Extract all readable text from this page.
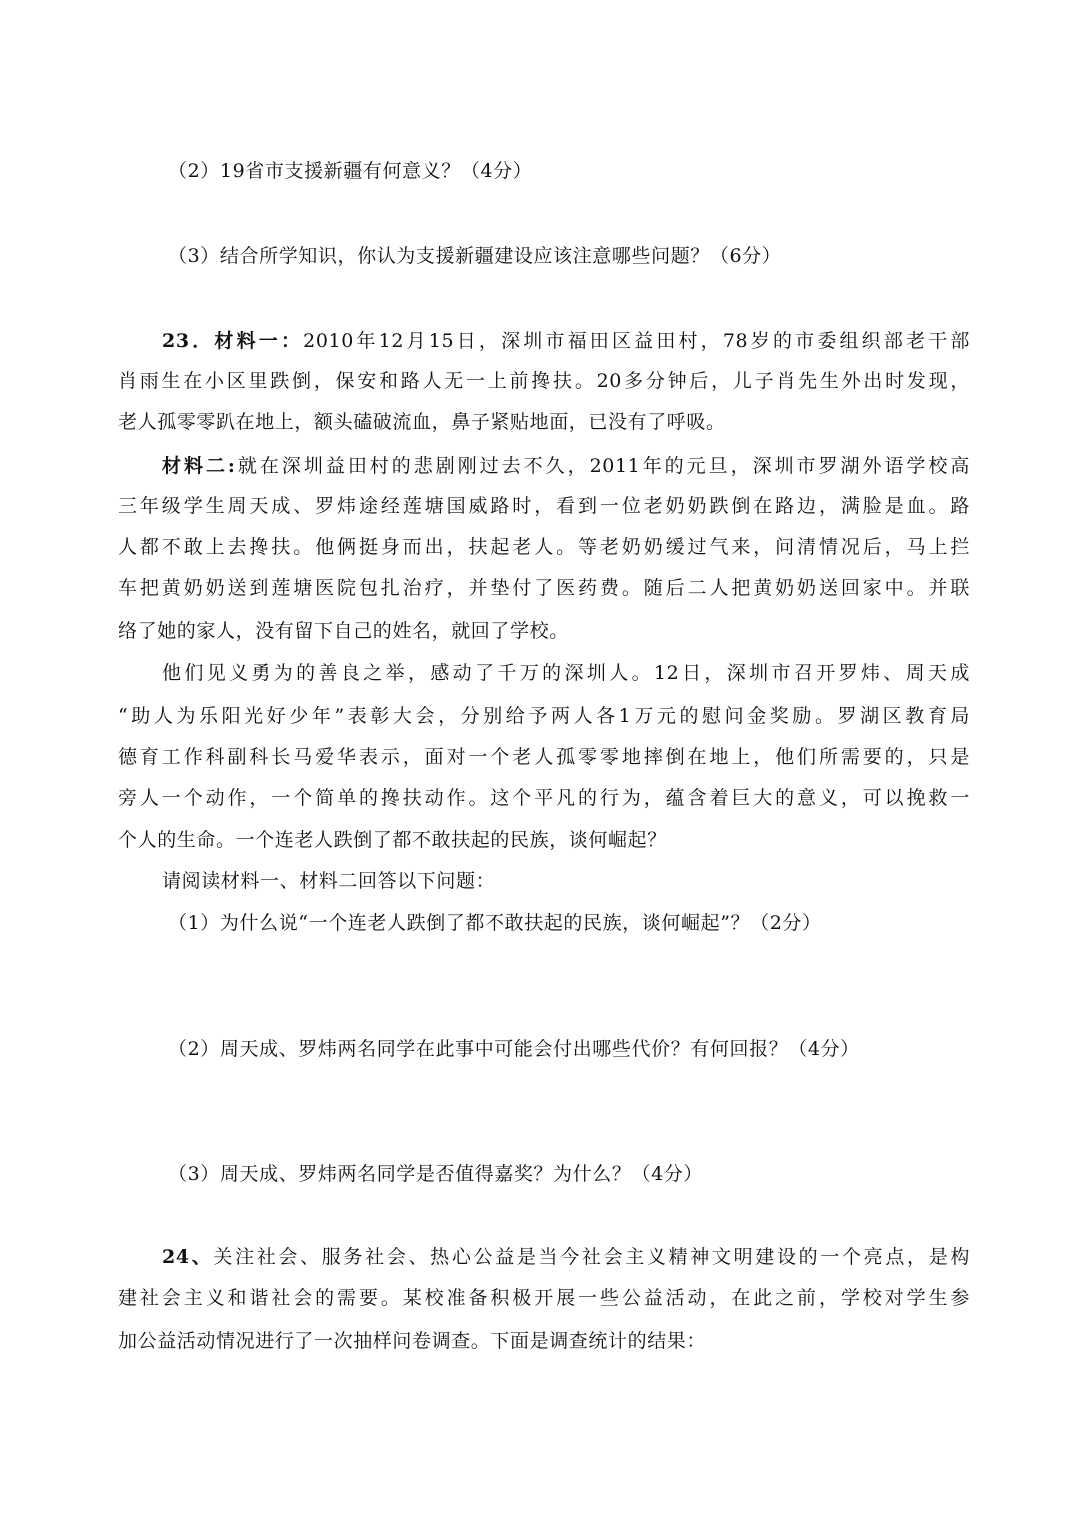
（2）19省市支援新疆有何意义？（4分）
（3）结合所学知识，你认为支援新疆建设应该注意哪些问题？（6分）
23．材料一：2010年12月15日，深圳市福田区益田村，78岁的市委组织部老干部
肖雨生在小区里跌倒，保安和路人无一上前搀扶。20多分钟后，儿子肖先生外出时发现，
老人孤零零趴在地上，额头磕破流血，鼻子紧贴地面，已没有了呼吸。
材料二:就在深圳益田村的悲剧刚过去不久，2011年的元旦，深圳市罗湖外语学校高
三年级学生周天成、罗炜途经莲塘国威路时，看到一位老奶奶跌倒在路边，满脸是血。路
人都不敢上去搀扶。他俩挺身而出，扶起老人。等老奶奶缓过气来，问清情况后，马上拦
车把黄奶奶送到莲塘医院包扎治疗，并垫付了医药费。随后二人把黄奶奶送回家中。并联
络了她的家人，没有留下自己的姓名，就回了学校。
他们见义勇为的善良之举，感动了千万的深圳人。12日，深圳市召开罗炜、周天成
“助人为乐阳光好少年”表彰大会，分别给予两人各1万元的慰问金奖励。罗湖区教育局
德育工作科副科长马爱华表示，面对一个老人孤零零地摔倒在地上，他们所需要的，只是
旁人一个动作，一个简单的搀扶动作。这个平凡的行为，蕴含着巨大的意义，可以挽救一
个人的生命。一个连老人跌倒了都不敢扶起的民族，谈何崛起？
请阅读材料一、材料二回答以下问题：
（1）为什么说“一个连老人跌倒了都不敢扶起的民族，谈何崛起”？（2分）
（2）周天成、罗炜两名同学在此事中可能会付出哪些代价？有何回报？（4分）
（3）周天成、罗炜两名同学是否值得嘉奖？为什么？（4分）
24、关注社会、服务社会、热心公益是当今社会主义精神文明建设的一个亮点，是构
建社会主义和谐社会的需要。某校准备积极开展一些公益活动，在此之前，学校对学生参
加公益活动情况进行了一次抽样问卷调查。下面是调查统计的结果：
